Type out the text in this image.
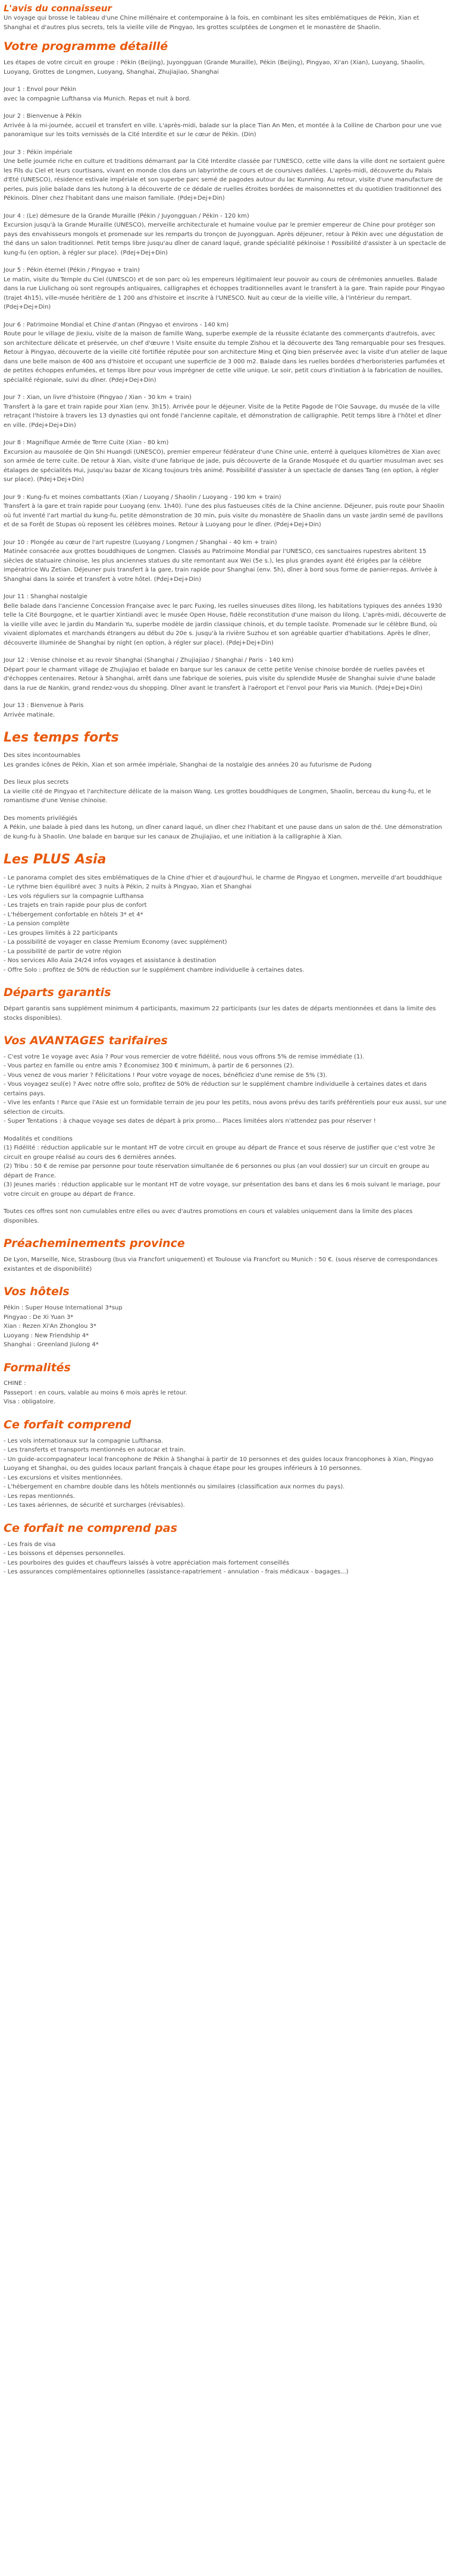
L'avis du connaisseur

Un voyage qui brosse le tableau d'une Chine millénaire et contemporaine à la fois, en combinant les sites emblématiques de Pékin, Xian et Shanghai et d'autres plus secrets, tels la vieille ville de Pingyao, les grottes sculptées de Longmen et le monastère de Shaolin.

Votre programme détaillé

Les étapes de votre circuit en groupe : Pékin (Beijing), Juyongguan (Grande Muraille), Pékin (Beijing), Pingyao, Xi'an (Xian), Luoyang, Shaolin, Luoyang, Grottes de Longmen, Luoyang, Shanghai, Zhujiajiao, Shanghai

Jour 1 : Envol pour Pékin
avec la compagnie Lufthansa via Munich. Repas et nuit à bord.

Jour 2 : Bienvenue à Pékin
Arrivée à la mi-journée, accueil et transfert en ville. L'après-midi, balade sur la place Tian An Men, et montée à la Colline de Charbon pour une vue panoramique sur les toits vernissés de la Cité Interdite et sur le cœur de Pékin. (Din)

Jour 3 : Pékin impériale
Une belle journée riche en culture et traditions démarrant par la Cité Interdite classée par l'UNESCO, cette ville dans la ville dont ne sortaient guère les Fils du Ciel et leurs courtisans, vivant en monde clos dans un labyrinthe de cours et de coursives dallées. L'après-midi, découverte du Palais d'Eté (UNESCO), résidence estivale impériale et son superbe parc semé de pagodes autour du lac Kunming. Au retour, visite d'une manufacture de perles, puis jolie balade dans les hutong à la découverte de ce dédale de ruelles étroites bordées de maisonnettes et du quotidien traditionnel des Pékinois. Dîner chez l'habitant dans une maison familiale. (Pdej+Dej+Din)

Jour 4 : (Le) démesure de la Grande Muraille (Pékin / Juyongguan / Pékin - 120 km)
Excursion jusqu'à la Grande Muraille (UNESCO), merveille architecturale et humaine voulue par le premier empereur de Chine pour protéger son pays des envahisseurs mongols et promenade sur les remparts du tronçon de Juyongguan. Après déjeuner, retour à Pékin avec une dégustation de thé dans un salon traditionnel. Petit temps libre jusqu'au dîner de canard laqué, grande spécialité pékinoise ! Possibilité d'assister à un spectacle de kung-fu (en option, à régler sur place). (Pdej+Dej+Din)

Jour 5 : Pékin éternel (Pékin / Pingyao + train)
Le matin, visite du Temple du Ciel (UNESCO) et de son parc où les empereurs légitimaient leur pouvoir au cours de cérémonies annuelles. Balade dans la rue Liulichang où sont regroupés antiquaires, calligraphes et échoppes traditionnelles avant le transfert à la gare. Train rapide pour Pingyao (trajet 4h15), ville-musée héritière de 1 200 ans d'histoire et inscrite à l'UNESCO. Nuit au cœur de la vieille ville, à l'intérieur du rempart. (Pdej+Dej+Din)

Jour 6 : Patrimoine Mondial et Chine d'antan (Pingyao et environs - 140 km)
Route pour le village de Jiexiu, visite de la maison de famille Wang, superbe exemple de la réussite éclatante des commerçants d'autrefois, avec son architecture délicate et préservée, un chef d'œuvre ! Visite ensuite du temple Zishou et la découverte des Tang remarquable pour ses fresques. Retour à Pingyao, découverte de la vieille cité fortifiée réputée pour son architecture Ming et Qing bien préservée avec la visite d'un atelier de laque dans une belle maison de 400 ans d'histoire et occupant une superficie de 3 000 m2. Balade dans les ruelles bordées d'herboristeries parfumées et de petites échoppes enfumées, et temps libre pour vous imprégner de cette ville unique. Le soir, petit cours d'initiation à la fabrication de nouilles, spécialité régionale, suivi du dîner. (Pdej+Dej+Din)

Jour 7 : Xian, un livre d'histoire (Pingyao / Xian - 30 km + train)
Transfert à la gare et train rapide pour Xian (env. 3h15). Arrivée pour le déjeuner. Visite de la Petite Pagode de l'Oie Sauvage, du musée de la ville retraçant l'histoire à travers les 13 dynasties qui ont fondé l'ancienne capitale, et démonstration de calligraphie. Petit temps libre à l'hôtel et dîner en ville. (Pdej+Dej+Din)

Jour 8 : Magnifique Armée de Terre Cuite (Xian - 80 km)
Excursion au mausolée de Qin Shi Huangdi (UNESCO), premier empereur fédérateur d'une Chine unie, enterré à quelques kilomètres de Xian avec son armée de terre cuite. De retour à Xian, visite d'une fabrique de jade, puis découverte de la Grande Mosquée et du quartier musulman avec ses étalages de spécialités Hui, jusqu'au bazar de Xicang toujours très animé. Possibilité d'assister à un spectacle de danses Tang (en option, à régler sur place). (Pdej+Dej+Din)

Jour 9 : Kung-fu et moines combattants (Xian / Luoyang / Shaolin / Luoyang - 190 km + train)
Transfert à la gare et train rapide pour Luoyang (env. 1h40). l'une des plus fastueuses cités de la Chine ancienne. Déjeuner, puis route pour Shaolin où fut inventé l'art martial du kung-fu, petite démonstration de 30 min, puis visite du monastère de Shaolin dans un vaste jardin semé de pavillons et de sa Forêt de Stupas où reposent les célèbres moines. Retour à Luoyang pour le dîner. (Pdej+Dej+Din)

Jour 10 : Plongée au cœur de l'art rupestre (Luoyang / Longmen / Shanghai - 40 km + train)
Matinée consacrée aux grottes bouddhiques de Longmen. Classés au Patrimoine Mondial par l'UNESCO, ces sanctuaires rupestres abritent 15 siècles de statuaire chinoise, les plus anciennes statues du site remontant aux Wei (5e s.), les plus grandes ayant été érigées par la célèbre impératrice Wu Zetian. Déjeuner puis transfert à la gare, train rapide pour Shanghai (env. 5h), dîner à bord sous forme de panier-repas. Arrivée à Shanghai dans la soirée et transfert à votre hôtel. (Pdej+Dej+Din)

Jour 11 : Shanghai nostalgie
Belle balade dans l'ancienne Concession Française avec le parc Fuxing, les ruelles sinueuses dites lilong, les habitations typiques des années 1930 telle la Cité Bourgogne, et le quartier Xintiandi avec le musée Open House, fidèle reconstitution d'une maison du lilong. L'après-midi, découverte de la vieille ville avec le jardin du Mandarin Yu, superbe modèle de jardin classique chinois, et du temple taoïste. Promenade sur le célèbre Bund, où vivaient diplomates et marchands étrangers au début du 20e s. jusqu'à la rivière Suzhou et son agréable quartier d'habitations. Après le dîner, découverte illuminée de Shanghai by night (en option, à régler sur place). (Pdej+Dej+Din)

Jour 12 : Venise chinoise et au revoir Shanghai (Shanghai / Zhujiajiao / Shanghai / Paris - 140 km)
Départ pour le charmant village de Zhujiajiao et balade en barque sur les canaux de cette petite Venise chinoise bordée de ruelles pavées et d'échoppes centenaires. Retour à Shanghai, arrêt dans une fabrique de soieries, puis visite du splendide Musée de Shanghai suivie d'une balade dans la rue de Nankin, grand rendez-vous du shopping. Dîner avant le transfert à l'aéroport et l'envol pour Paris via Munich. (Pdej+Dej+Din)

Jour 13 : Bienvenue à Paris
Arrivée matinale.

Les temps forts

Des sites incontournables
Les grandes icônes de Pékin, Xian et son armée impériale, Shanghai de la nostalgie des années 20 au futurisme de Pudong

Des lieux plus secrets
La vieille cité de Pingyao et l'architecture délicate de la maison Wang. Les grottes bouddhiques de Longmen, Shaolin, berceau du kung-fu, et le romantisme d'une Venise chinoise.

Des moments privilégiés
A Pékin, une balade à pied dans les hutong, un dîner canard laqué, un dîner chez l'habitant et une pause dans un salon de thé. Une démonstration de kung-fu à Shaolin. Une balade en barque sur les canaux de Zhujiajiao, et une initiation à la calligraphie à Xian.

Les PLUS Asia

- Le panorama complet des sites emblématiques de la Chine d'hier et d'aujourd'hui, le charme de Pingyao et Longmen, merveille d'art bouddhique

- Le rythme bien équilibré avec 3 nuits à Pékin, 2 nuits à Pingyao, Xian et Shanghai

- Les vols réguliers sur la compagnie Lufthansa

- Les trajets en train rapide pour plus de confort

- L'hébergement confortable en hôtels 3* et 4*

- La pension complète

- Les groupes limités à 22 participants

- La possibilité de voyager en classe Premium Economy (avec supplément)

- La possibilité de partir de votre région

- Nos services Allo Asia 24/24 infos voyages et assistance à destination

- Offre Solo : profitez de 50% de réduction sur le supplément chambre individuelle à certaines dates.

Départs garantis

Départ garantis sans supplément minimum 4 participants, maximum 22 participants (sur les dates de départs mentionnées et dans la limite des stocks disponibles).

Vos AVANTAGES tarifaires

- C'est votre 1e voyage avec Asia ? Pour vous remercier de votre fidélité, nous vous offrons 5% de remise immédiate (1).

- Vous partez en famille ou entre amis ? Économisez 300 € minimum, à partir de 6 personnes (2).

- Vous venez de vous marier ? Félicitations ! Pour votre voyage de noces, bénéficiez d'une remise de 5% (3).

- Vous voyagez seul(e) ? Avec notre offre solo, profitez de 50% de réduction sur le supplément chambre individuelle à certaines dates et dans certains pays.

- Vive les enfants ! Parce que l'Asie est un formidable terrain de jeu pour les petits, nous avons prévu des tarifs préférentiels pour eux aussi, sur une sélection de circuits.

- Super Tentations : à chaque voyage ses dates de départ à prix promo... Places limitées alors n'attendez pas pour réserver !

Modalités et conditions
(1) Fidélité : réduction applicable sur le montant HT de votre circuit en groupe au départ de France et sous réserve de justifier que c'est votre 3e circuit en groupe réalisé au cours des 6 dernières années.
(2) Tribu : 50 € de remise par personne pour toute réservation simultanée de 6 personnes ou plus (an voul dossier) sur un circuit en groupe au départ de France.
(3) Jeunes mariés : réduction applicable sur le montant HT de votre voyage, sur présentation des bans et dans les 6 mois suivant le mariage, pour votre circuit en groupe au départ de France.

Toutes ces offres sont non cumulables entre elles ou avec d'autres promotions en cours et valables uniquement dans la limite des places disponibles.

Préacheminements province

De Lyon, Marseille, Nice, Strasbourg (bus via Francfort uniquement) et Toulouse via Francfort ou Munich : 50 €. (sous réserve de correspondances existantes et de disponibilité)

Vos hôtels

Pékin : Super House International 3*sup
Pingyao : De Xi Yuan 3*
Xian : Rezen Xi'An Zhonglou 3*
Luoyang : New Friendship 4*
Shanghai : Greenland Jiulong 4*

Formalités

CHINE :
Passeport : en cours, valable au moins 6 mois après le retour.
Visa : obligatoire.

Ce forfait comprend

- Les vols internationaux sur la compagnie Lufthansa.

- Les transferts et transports mentionnés en autocar et train.

- Un guide-accompagnateur local francophone de Pékin à Shanghai à partir de 10 personnes et des guides locaux francophones à Xian, Pingyao Luoyang et Shanghai, ou des guides locaux parlant français à chaque étape pour les groupes inférieurs à 10 personnes.

- Les excursions et visites mentionnées.

- L'hébergement en chambre double dans les hôtels mentionnés ou similaires (classification aux normes du pays).

- Les repas mentionnés.

- Les taxes aériennes, de sécurité et surcharges (révisables).

Ce forfait ne comprend pas

- Les frais de visa

- Les boissons et dépenses personnelles.

- Les pourboires des guides et chauffeurs laissés à votre appréciation mais fortement conseillés

- Les assurances complémentaires optionnelles (assistance-rapatriement - annulation - frais médicaux - bagages...)
